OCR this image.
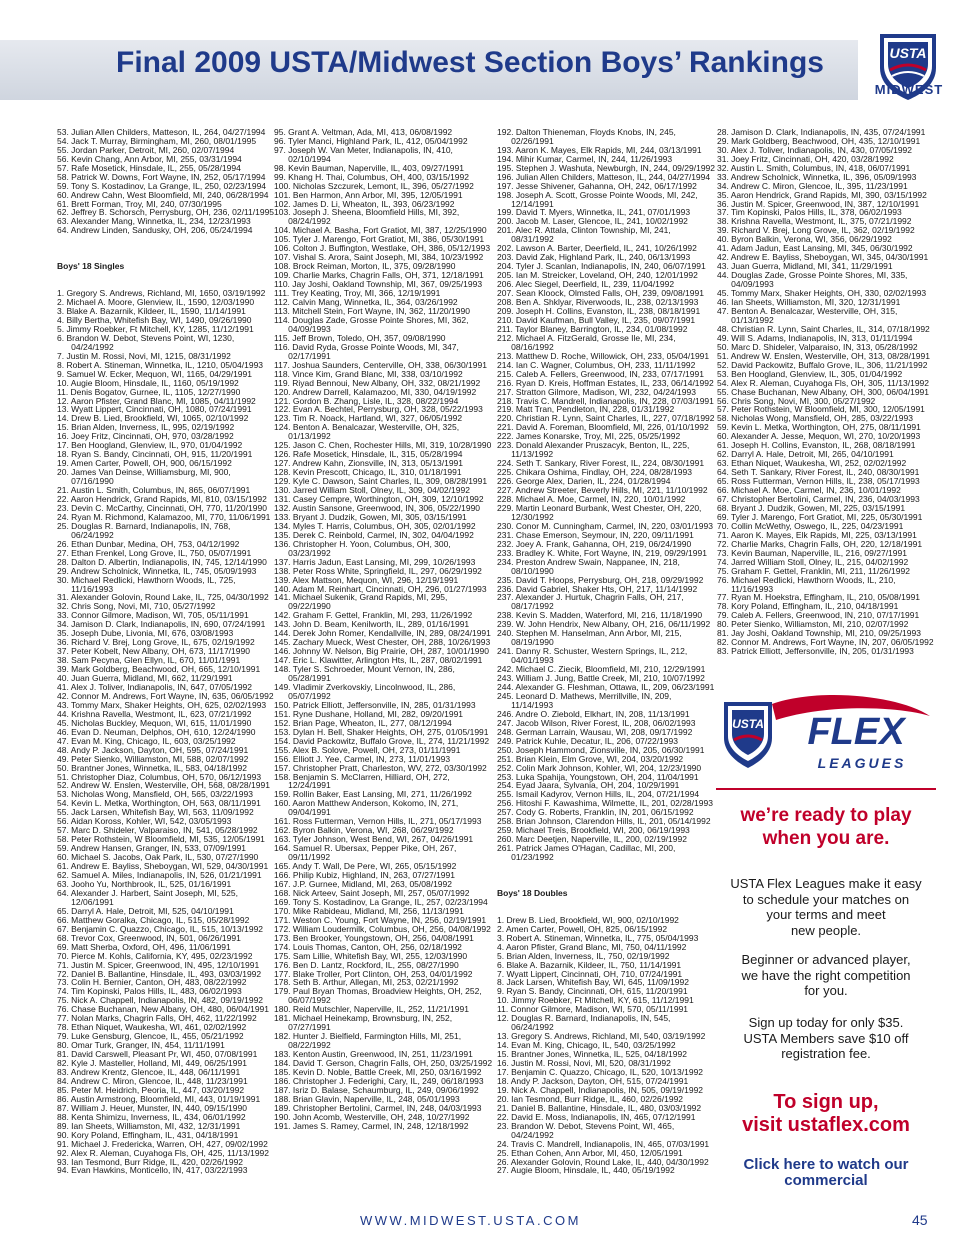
Final 2009 USTA/Midwest Section Boys’ Rankings	USTA
MIDWEST

53. Julian Allen Childers, Matteson, IL, 264, 04/27/1994
54. Jack T. Murray, Birmingham, MI, 260, 08/01/1995
55. Jordan Parker, Detroit, MI, 260, 02/07/1994
56. Kevin Chang, Ann Arbor, MI, 255, 03/31/1994
57. Rafe Mosetick, Hinsdale, IL, 255, 05/28/1994
58. Patrick W. Downs, Fort Wayne, IN, 252, 05/17/1994
59. Tony S. Kostadinov, La Grange, IL, 250, 02/23/1994
60. Andrew Cahn, West Bloomfield, MI, 240, 06/28/1994
61. Brett Forman, Troy, MI, 240, 07/30/1995
62. Jeffrey B. Schorsch, Perrysburg, OH, 236, 02/11/1995
63. Alexander Mang, Winnetka, IL, 234, 12/23/1993
64. Andrew Linden, Sandusky, OH, 206, 05/24/1994

Boys' 18 Singles

1. Gregory S. Andrews, Richland, MI, 1650, 03/19/1992
2. Michael A. Moore, Glenview, IL, 1590, 12/03/1990
3. Blake A. Bazarnik, Kildeer, IL, 1590, 11/14/1991
4. Billy Bertha, Whitefish Bay, WI, 1490, 09/26/1990
5. Jimmy Roebker, Ft Mitchell, KY, 1285, 11/12/1991
6. Brandon W. Debot, Stevens Point, WI, 1230,
04/24/1992
7. Justin M. Rossi, Novi, MI, 1215, 08/31/1992
8. Robert A. Stineman, Winnetka, IL, 1210, 05/04/1993
9. Samuel W. Ecker, Mequon, WI, 1165, 04/29/1991
10. Augie Bloom, Hinsdale, IL, 1160, 05/19/1992
11. Denis Bogatov, Gurnee, IL, 1105, 12/27/1990
12. Aaron Pfister, Grand Blanc, MI, 1085, 04/11/1992
13. Wyatt Lippert, Cincinnati, OH, 1080, 07/24/1991
14. Drew B. Lied, Brookfield, WI, 1065, 02/10/1992
15. Brian Alden, Inverness, IL, 995, 02/19/1992
16. Joey Fritz, Cincinnati, OH, 970, 03/28/1992
17. Ben Hoogland, Glenview, IL, 970, 01/04/1992
18. Ryan S. Bandy, Cincinnati, OH, 915, 11/20/1991
19. Amen Carter, Powell, OH, 900, 06/15/1992
20. James Van Deinse, Williamsburg, MI, 900,
07/16/1990
21. Austin L. Smith, Columbus, IN, 865, 06/07/1991
22. Aaron Hendrick, Grand Rapids, MI, 810, 03/15/1992
23. Devin C. McCarthy, Cincinnati, OH, 770, 11/20/1990
24. Ryan M. Richmond, Kalamazoo, MI, 770, 11/06/1991
25. Douglas R. Barnard, Indianapolis, IN, 768,
06/24/1992
26. Ethan Dunbar, Medina, OH, 753, 04/12/1992
27. Ethan Frenkel, Long Grove, IL, 750, 05/07/1991
28. Dalton D. Albertin, Indianapolis, IN, 745, 12/14/1990
29. Andrew Scholnick, Winnetka, IL, 745, 05/09/1993
30. Michael Redlicki, Hawthorn Woods, IL, 725,
11/16/1993
31. Alexander Golovin, Round Lake, IL, 725, 04/30/1992
32. Chris Song, Novi, MI, 710, 05/27/1992
33. Connor Gilmore, Madison, WI, 705, 05/11/1991
34. Jamison D. Clark, Indianapolis, IN, 690, 07/24/1991
35. Joseph Dube, Livonia, MI, 676, 03/08/1993
36. Richard V. Brej, Long Grove, IL, 675, 02/19/1992
37. Peter Kobelt, New Albany, OH, 673, 11/17/1990
38. Sam Pecyna, Glen Ellyn, IL, 670, 11/01/1991
39. Mark Goldberg, Beachwood, OH, 665, 12/10/1991
40. Juan Guerra, Midland, MI, 662, 11/29/1991
41. Alex J. Toliver, Indianapolis, IN, 647, 07/05/1992
42. Connor M. Andrews, Fort Wayne, IN, 635, 06/05/1992
43. Tommy Marx, Shaker Heights, OH, 625, 02/02/1993
44. Krishna Ravella, Westmont, IL, 623, 07/21/1992
45. Nicholas Buckley, Mequon, WI, 615, 11/01/1990
46. Evan D. Neuman, Delphos, OH, 610, 12/24/1990
47. Evan M. King, Chicago, IL, 603, 03/25/1992
48. Andy P. Jackson, Dayton, OH, 595, 07/24/1991
49. Peter Sienko, Williamston, MI, 588, 02/07/1992
50. Brantner Jones, Winnetka, IL, 583, 04/18/1992
51. Christopher Diaz, Columbus, OH, 570, 06/12/1993
52. Andrew W. Enslen, Westerville, OH, 568, 08/28/1991
53. Nicholas Wong, Mansfield, OH, 565, 03/22/1993
54. Kevin L. Metka, Worthington, OH, 563, 08/11/1991
55. Jack Larsen, Whitefish Bay, WI, 563, 11/09/1992
56. Aidan Koross, Kohler, WI, 542, 03/05/1993
57. Marc D. Shideler, Valparaiso, IN, 541, 05/28/1992
58. Peter Rothstein, W Bloomfield, MI, 535, 12/05/1991
59. Andrew Hansen, Granger, IN, 533, 07/09/1991
60. Michael S. Jacobs, Oak Park, IL, 530, 07/27/1990
61. Andrew E. Bayliss, Sheboygan, WI, 529, 04/30/1991
62. Samuel A. Miles, Indianapolis, IN, 526, 01/21/1991
63. Jooho Yu, Northbrook, IL, 525, 01/16/1991
64. Alexander J. Harbert, Saint Joseph, MI, 525,
12/06/1991
65. Darryl A. Hale, Detroit, MI, 525, 04/10/1991
66. Matthew Goralka, Chicago, IL, 515, 05/28/1992
67. Benjamin C. Quazzo, Chicago, IL, 515, 10/13/1992
68. Trevor Cox, Greenwood, IN, 501, 06/26/1991
69. Matt Sherba, Oxford, OH, 496, 11/06/1991
70. Pierce M. Kohls, California, KY, 495, 02/23/1992
71. Justin M. Spicer, Greenwood, IN, 495, 12/10/1991
72. Daniel B. Ballantine, Hinsdale, IL, 493, 03/03/1992
73. Colin H. Bernier, Canton, OH, 483, 08/22/1992
74. Tim Kopinski, Palos Hills, IL, 483, 06/02/1993
75. Nick A. Chappell, Indianapolis, IN, 482, 09/19/1992
76. Chase Buchanan, New Albany, OH, 480, 06/04/1991
77. Nolan Marks, Chagrin Falls, OH, 462, 11/22/1992
78. Ethan Niquet, Waukesha, WI, 461, 02/02/1992
79. Luke Gensburg, Glencoe, IL, 455, 05/21/1992
80. Omar Turk, Granger, IN, 454, 11/11/1991
81. David Carswell, Pleasant Pr, WI, 450, 07/08/1991
82. Kyle J. Masteller, Holland, MI, 449, 06/25/1991
83. Andrew Krentz, Glencoe, IL, 448, 06/11/1991
84. Andrew C. Miron, Glencoe, IL, 448, 11/23/1991
85. Peter M. Heidrich, Peoria, IL, 447, 03/20/1992
86. Austin Armstrong, Bloomfield, MI, 443, 01/19/1991
87. William J. Heuer, Munster, IN, 440, 09/15/1990
88. Kenta Shimizu, Inverness, IL, 434, 06/01/1992
89. Ian Sheets, Williamston, MI, 432, 12/31/1991
90. Kory Poland, Effingham, IL, 431, 04/18/1991
91. Michael J. Fredericka, Warren, OH, 427, 09/02/1992
92. Alex R. Aleman, Cuyahoga Fls, OH, 425, 11/13/1992
93. Ian Tesmond, Burr Ridge, IL, 420, 02/26/1992
94. Evan Hawkins, Monticello, IN, 417, 03/22/1993

95. Grant A. Veltman, Ada, MI, 413, 06/08/1992
96. Tyler Manci, Highland Park, IL, 412, 05/04/1992
97. Joseph W. Van Meter, Indianapolis, IN, 410,
02/10/1994
98. Kevin Bauman, Naperville, IL, 403, 09/27/1991
99. Khang H. Thai, Columbus, OH, 400, 03/15/1992
100. Nicholas Szczurek, Lemont, IL, 396, 05/27/1992
101. Ben Harmon, Ann Arbor, MI, 395, 12/05/1991
102. James D. Li, Wheaton, IL, 393, 06/23/1992
103. Joseph J. Sheena, Bloomfield Hills, MI, 392,
08/24/1992
104. Michael A. Basha, Fort Gratiot, MI, 387, 12/25/1990
105. Tyler J. Marengo, Fort Gratiot, MI, 386, 05/30/1991
106. Colton J. Buffington, Westlake, OH, 386, 05/12/1993
107. Vishal S. Arora, Saint Joseph, MI, 384, 10/23/1992
108. Brock Reiman, Morton, IL, 375, 09/28/1990
109. Charlie Marks, Chagrin Falls, OH, 371, 12/18/1991
110. Jay Joshi, Oakland Township, MI, 367, 09/25/1993
111. Trey Keating, Troy, MI, 366, 12/19/1991
112. Calvin Mang, Winnetka, IL, 364, 03/26/1992
113. Mitchell Stein, Fort Wayne, IN, 362, 11/20/1990
114. Douglas Zade, Grosse Pointe Shores, MI, 362,
04/09/1993
115. Jeff Brown, Toledo, OH, 357, 09/08/1990
116. David Ryda, Grosse Pointe Woods, MI, 347,
02/17/1991
117. Joshua Saunders, Centerville, OH, 338, 06/30/1991
118. Vince Kim, Grand Blanc, MI, 338, 03/10/1992
119. Riyad Bennoui, New Albany, OH, 332, 08/21/1992
120. Andrew Darrell, Kalamazoo, MI, 330, 04/19/1992
121. Gordon B. Zhang, Lisle, IL, 328, 08/22/1994
122. Evan A. Bechtel, Perrysburg, OH, 328, 05/22/1993
123. Tim R. Noack, Hartland, WI, 327, 06/05/1992
124. Benton A. Benalcazar, Westerville, OH, 325,
01/13/1992
125. Jason C. Chen, Rochester Hills, MI, 319, 10/28/1990
126. Rafe Mosetick, Hinsdale, IL, 315, 05/28/1994
127. Andrew Kahn, Zionsville, IN, 313, 05/13/1991
128. Kevin Prescott, Chicago, IL, 310, 01/18/1991
129. Kyle C. Dawson, Saint Charles, IL, 309, 08/28/1991
130. Jarred William Stoll, Olney, IL, 309, 04/02/1992
131. Casey Cempre, Worthington, OH, 309, 12/10/1992
132. Austin Sansone, Greenwood, IN, 306, 05/22/1990
133. Bryant J. Dudzik, Gowen, MI, 305, 03/15/1991
134. Myles T. Harris, Columbus, OH, 305, 02/01/1992
135. Derek C. Reinbold, Carmel, IN, 302, 04/04/1992
136. Christopher H. Yoon, Columbus, OH, 300,
03/23/1992
137. Harris Jadun, East Lansing, MI, 299, 10/26/1993
138. Peter Ross White, Springfield, IL, 297, 06/29/1992
139. Alex Mattson, Mequon, WI, 296, 12/19/1991
140. Adam M. Reinhart, Cincinnati, OH, 296, 01/27/1993
141. Michael Sukenik, Grand Rapids, MI, 295,
09/22/1990
142. Graham F. Gettel, Franklin, MI, 293, 11/26/1992
143. John D. Beam, Kenilworth, IL, 289, 01/16/1991
144. Derek John Romer, Kendallville, IN, 289, 08/24/1991
145. Zachary Mueck, West Chester, OH, 288, 10/26/1993
146. Johnny W. Nelson, Big Prairie, OH, 287, 10/01/1990
147. Eric L. Klawitter, Arlington Hts, IL, 287, 08/02/1991
148. Tyler S. Schroeder, Mount Vernon, IN, 286,
05/28/1991
149. Vladimir Zverkovskiy, Lincolnwood, IL, 286,
05/07/1992
150. Patrick Elliott, Jeffersonville, IN, 285, 01/31/1993
151. Ryne Dushane, Holland, MI, 282, 09/20/1991
152. Brian Page, Wheaton, IL, 277, 08/12/1994
153. Dylan H. Bell, Shaker Heights, OH, 275, 01/05/1991
154. David Packowitz, Buffalo Grove, IL, 274, 11/21/1992
155. Alex B. Solove, Powell, OH, 273, 01/11/1991
156. Elliott J. Yee, Carmel, IN, 273, 11/01/1993
157. Christopher Pratt, Charleston, WV, 272, 03/30/1992
158. Benjamin S. McClarren, Hilliard, OH, 272,
12/24/1991
159. Rollin Baker, East Lansing, MI, 271, 11/26/1992
160. Aaron Matthew Anderson, Kokomo, IN, 271,
09/04/1991
161. Ross Futterman, Vernon Hills, IL, 271, 05/17/1993
162. Byron Balkin, Verona, WI, 268, 06/29/1992
163. Tyler Johnson, West Bend, WI, 267, 04/26/1991
164. Samuel R. Ubersax, Pepper Pike, OH, 267,
09/11/1992
165. Andy T. Wall, De Pere, WI, 265, 05/15/1992
166. Philip Kubiz, Highland, IN, 263, 07/27/1991
167. J.P. Gurnee, Midland, MI, 263, 05/08/1992
168. Nick Arteev, Saint Joseph, MI, 257, 05/07/1992
169. Tony S. Kostadinov, La Grange, IL, 257, 02/23/1994
170. Mike Rabideau, Midland, MI, 256, 11/13/1991
171. Weston C. Young, Fort Wayne, IN, 256, 02/19/1991
172. William Loudermilk, Columbus, OH, 256, 04/08/1992
173. Ben Brooker, Youngstown, OH, 256, 04/08/1991
174. Louis Thomas, Canton, OH, 256, 02/18/1992
175. Sam Lillie, Whitefish Bay, WI, 255, 12/03/1990
176. Ben D. Lantz, Rockford, IL, 255, 08/27/1990
177. Blake Troller, Port Clinton, OH, 253, 04/01/1992
178. Seth B. Arthur, Allegan, MI, 253, 02/21/1992
179. Paul Bryan Thomas, Broadview Heights, OH, 252,
06/07/1992
180. Reid Mutschler, Naperville, IL, 252, 11/21/1991
181. Michael Heinekamp, Brownsburg, IN, 252,
07/27/1991
182. Hunter J. Bielfield, Farmington Hills, MI, 251,
08/22/1992
183. Kenton Austin, Greenwood, IN, 251, 11/23/1991
184. David T. Gerson, Chagrin Falls, OH, 250, 03/25/1992
185. Kevin D. Noble, Battle Creek, MI, 250, 03/16/1992
186. Christopher J. Federighi, Cary, IL, 249, 06/18/1993
187. Isriz D. Balase, Schaumburg, IL, 249, 09/06/1992
188. Brian Glavin, Naperville, IL, 248, 05/01/1993
189. Christopher Bertolini, Carmel, IN, 248, 04/03/1993
190. John Acomb, Westerville, OH, 248, 10/27/1992
191. James S. Ramey, Carmel, IN, 248, 12/18/1992

192. Dalton Thieneman, Floyds Knobs, IN, 245,
02/26/1991
193. Aaron K. Mayes, Elk Rapids, MI, 244, 03/13/1991
194. Mihir Kumar, Carmel, IN, 244, 11/26/1993
195. Stephen J. Washuta, Newburgh, IN, 244, 09/29/1992
196. Julian Allen Childers, Matteson, IL, 244, 04/27/1994
197. Jesse Shivener, Gahanna, OH, 242, 06/17/1992
198. Joseph A. Scott, Grosse Pointe Woods, MI, 242,
12/14/1991
199. David T. Myers, Winnetka, IL, 241, 07/01/1993
200. Jacob M. Laser, Glencoe, IL, 241, 10/02/1992
201. Alec R. Attala, Clinton Township, MI, 241,
08/31/1992
202. Lawson A. Barter, Deerfield, IL, 241, 10/26/1992
203. David Zak, Highland Park, IL, 240, 06/13/1993
204. Tyler J. Scanlan, Indianapolis, IN, 240, 06/07/1991
205. Ian M. Streicker, Loveland, OH, 240, 12/01/1992
206. Alec Siegel, Deerfield, IL, 239, 11/04/1992
207. Sean Kloock, Olmsted Falls, OH, 239, 09/08/1991
208. Ben A. Shklyar, Riverwoods, IL, 238, 02/13/1993
209. Joseph H. Collins, Evanston, IL, 238, 08/18/1991
210. David Kaufman, Bull Valley, IL, 235, 09/07/1991
211. Taylor Blaney, Barrington, IL, 234, 01/08/1992
212. Michael A. FitzGerald, Grosse Ile, MI, 234,
08/16/1992
213. Matthew D. Roche, Willowick, OH, 233, 05/04/1991
214. Ian C. Wagner, Columbus, OH, 233, 11/11/1992
215. Caleb A. Fellers, Greenwood, IN, 233, 07/17/1991
216. Ryan D. Kreis, Hoffman Estates, IL, 233, 06/14/1992
217. Stratton Gilmore, Madison, WI, 232, 04/24/1993
218. Travis C. Mandrell, Indianapolis, IN, 228, 07/03/1991
219. Matt Tran, Pendleton, IN, 228, 01/31/1992
220. Christian R. Lynn, Saint Charles, IL, 227, 07/18/1992
221. David A. Foreman, Bloomfield, MI, 226, 01/10/1992
222. James Konarske, Troy, MI, 225, 05/25/1992
223. Donald Alexander Pruszacyk, Benton, IL, 225,
11/13/1992
224. Seth T. Sankary, River Forest, IL, 224, 08/30/1991
225. Chikara Oshima, Findlay, OH, 224, 08/28/1993
226. George Alex, Darien, IL, 224, 01/28/1994
227. Andrew Streeter, Beverly Hills, MI, 221, 11/10/1992
228. Michael A. Moe, Carmel, IN, 220, 10/01/1992
229. Martin Leonard Burbank, West Chester, OH, 220,
12/30/1992
230. Conor M. Cunningham, Carmel, IN, 220, 03/01/1993
231. Chase Emerson, Seymour, IN, 220, 09/11/1991
232. Joey A. Frank, Gahanna, OH, 219, 06/24/1990
233. Bradley K. White, Fort Wayne, IN, 219, 09/29/1991
234. Preston Andrew Swain, Nappanee, IN, 218,
08/10/1990
235. David T. Hoops, Perrysburg, OH, 218, 09/29/1992
236. David Gabriel, Shaker Hts, OH, 217, 11/14/1992
237. Alexander J. Hurtuk, Chagrin Falls, OH, 217,
08/17/1992
238. Kevin S. Madden, Waterford, MI, 216, 11/18/1990
239. W. John Hendrix, New Albany, OH, 216, 06/11/1992
240. Stephen M. Hanselman, Ann Arbor, MI, 215,
08/19/1990
241. Danny R. Schuster, Western Springs, IL, 212,
04/01/1993
242. Michael C. Ziecik, Bloomfield, MI, 210, 12/29/1991
243. William J. Jung, Battle Creek, MI, 210, 10/07/1992
244. Alexander G. Fleshman, Ottawa, IL, 209, 06/23/1991
245. Leonard D. Mathews, Merrillville, IN, 209,
11/14/1993
246. Andre O. Ziebold, Elkhart, IN, 208, 11/13/1991
247. Jacob Wilson, River Forest, IL, 208, 06/02/1993
248. German Larrain, Wausau, WI, 208, 09/17/1992
249. Patrick Kuhle, Decatur, IL, 206, 07/22/1993
250. Joseph Hammond, Zionsville, IN, 205, 06/30/1991
251. Brian Klein, Elm Grove, WI, 204, 03/20/1992
252. Colin Mark Johnson, Kohler, WI, 204, 12/23/1990
253. Luka Spahija, Youngstown, OH, 204, 11/04/1991
254. Eyad Jaara, Sylvania, OH, 204, 10/29/1991
255. Ismail Kadyrov, Vernon Hills, IL, 204, 07/21/1994
256. Hitoshi F. Kawashima, Wilmette, IL, 201, 02/28/1993
257. Cody G. Roberts, Franklin, IN, 201, 06/15/1992
258. Brian Johnson, Clarendon Hills, IL, 201, 05/14/1992
259. Michael Treis, Brookfield, WI, 200, 06/19/1993
260. Marc Deetjen, Naperville, IL, 200, 02/19/1992
261. Patrick James O'Hagan, Cadillac, MI, 200,
01/23/1992

Boys' 18 Doubles

1. Drew B. Lied, Brookfield, WI, 900, 02/10/1992
2. Amen Carter, Powell, OH, 825, 06/15/1992
3. Robert A. Stineman, Winnetka, IL, 775, 05/04/1993
4. Aaron Pfister, Grand Blanc, MI, 750, 04/11/1992
5. Brian Alden, Inverness, IL, 750, 02/19/1992
6. Blake A. Bazarnik, Kildeer, IL, 750, 11/14/1991
7. Wyatt Lippert, Cincinnati, OH, 710, 07/24/1991
8. Jack Larsen, Whitefish Bay, WI, 645, 11/09/1992
9. Ryan S. Bandy, Cincinnati, OH, 615, 11/20/1991
10. Jimmy Roebker, Ft Mitchell, KY, 615, 11/12/1991
11. Connor Gilmore, Madison, WI, 570, 05/11/1991
12. Douglas R. Barnard, Indianapolis, IN, 545,
06/24/1992
13. Gregory S. Andrews, Richland, MI, 540, 03/19/1992
14. Evan M. King, Chicago, IL, 540, 03/25/1992
15. Brantner Jones, Winnetka, IL, 525, 04/18/1992
16. Justin M. Rossi, Novi, MI, 520, 08/31/1992
17. Benjamin C. Quazzo, Chicago, IL, 520, 10/13/1992
18. Andy P. Jackson, Dayton, OH, 515, 07/24/1991
19. Nick A. Chappell, Indianapolis, IN, 505, 09/19/1992
20. Ian Tesmond, Burr Ridge, IL, 460, 02/26/1992
21. Daniel B. Ballantine, Hinsdale, IL, 480, 03/03/1992
22. David E. Moss, Indianapolis, IN, 465, 07/12/1991
23. Brandon W. Debot, Stevens Point, WI, 465,
04/24/1992
24. Travis C. Mandrell, Indianapolis, IN, 465, 07/03/1991
25. Ethan Cohen, Ann Arbor, MI, 450, 12/05/1991
26. Alexander Golovin, Round Lake, IL, 440, 04/30/1992
27. Augie Bloom, Hinsdale, IL, 440, 05/19/1992

28. Jamison D. Clark, Indianapolis, IN, 435, 07/24/1991
29. Mark Goldberg, Beachwood, OH, 435, 12/10/1991
30. Alex J. Toliver, Indianapolis, IN, 430, 07/05/1992
31. Joey Fritz, Cincinnati, OH, 420, 03/28/1992
32. Austin L. Smith, Columbus, IN, 418, 06/07/1991
33. Andrew Scholnick, Winnetka, IL, 396, 05/09/1993
34. Andrew C. Miron, Glencoe, IL, 395, 11/23/1991
35. Aaron Hendrick, Grand Rapids, MI, 390, 03/15/1992
36. Justin M. Spicer, Greenwood, IN, 387, 12/10/1991
37. Tim Kopinski, Palos Hills, IL, 378, 06/02/1993
38. Krishna Ravella, Westmont, IL, 375, 07/21/1992
39. Richard V. Brej, Long Grove, IL, 362, 02/19/1992
40. Byron Balkin, Verona, WI, 356, 06/29/1992
41. Adam Jadun, East Lansing, MI, 345, 06/30/1992
42. Andrew E. Bayliss, Sheboygan, WI, 345, 04/30/1991
43. Juan Guerra, Midland, MI, 341, 11/29/1991
44. Douglas Zade, Grosse Pointe Shores, MI, 335,
04/09/1993
45. Tommy Marx, Shaker Heights, OH, 330, 02/02/1993
46. Ian Sheets, Williamston, MI, 320, 12/31/1991
47. Benton A. Benalcazar, Westerville, OH, 315,
01/13/1992
48. Christian R. Lynn, Saint Charles, IL, 314, 07/18/1992
49. Will S. Adams, Indianapolis, IN, 313, 01/11/1994
50. Marc D. Shideler, Valparaiso, IN, 313, 05/28/1992
51. Andrew W. Enslen, Westerville, OH, 313, 08/28/1991
52. David Packowitz, Buffalo Grove, IL, 306, 11/21/1992
53. Ben Hoogland, Glenview, IL, 305, 01/04/1992
54. Alex R. Aleman, Cuyahoga Fls, OH, 305, 11/13/1992
55. Chase Buchanan, New Albany, OH, 300, 06/04/1991
56. Chris Song, Novi, MI, 300, 05/27/1992
57. Peter Rothstein, W Bloomfield, MI, 300, 12/05/1991
58. Nicholas Wong, Mansfield, OH, 285, 03/22/1993
59. Kevin L. Metka, Worthington, OH, 275, 08/11/1991
60. Alexander A. Jesse, Mequon, WI, 270, 10/20/1993
61. Joseph H. Collins, Evanston, IL, 268, 08/18/1991
62. Darryl A. Hale, Detroit, MI, 265, 04/10/1991
63. Ethan Niquet, Waukesha, WI, 252, 02/02/1992
64. Seth T. Sankary, River Forest, IL, 240, 08/30/1991
65. Ross Futterman, Vernon Hills, IL, 238, 05/17/1993
66. Michael A. Moe, Carmel, IN, 236, 10/01/1992
67. Christopher Bertolini, Carmel, IN, 236, 04/03/1993
68. Bryant J. Dudzik, Gowen, MI, 225, 03/15/1991
69. Tyler J. Marengo, Fort Gratiot, MI, 225, 05/30/1991
70. Collin McWethy, Oswego, IL, 225, 04/23/1991
71. Aaron K. Mayes, Elk Rapids, MI, 225, 03/13/1991
72. Charlie Marks, Chagrin Falls, OH, 220, 12/18/1991
73. Kevin Bauman, Naperville, IL, 216, 09/27/1991
74. Jarred William Stoll, Olney, IL, 215, 04/02/1992
75. Graham F. Gettel, Franklin, MI, 211, 11/26/1992
76. Michael Redlicki, Hawthorn Woods, IL, 210,
11/16/1993
77. Ryan M. Hoekstra, Effingham, IL, 210, 05/08/1991
78. Kory Poland, Effingham, IL, 210, 04/18/1991
79. Caleb A. Fellers, Greenwood, IN, 210, 07/17/1991
80. Peter Sienko, Williamston, MI, 210, 02/07/1992
81. Jay Joshi, Oakland Township, MI, 210, 09/25/1993
82. Connor M. Andrews, Fort Wayne, IN, 207, 06/05/1992
83. Patrick Elliott, Jeffersonville, IN, 205, 01/31/1993

USTA FLEX
LEAGUES
we’re ready to play
when you are.
USTA Flex Leagues make it easy
to schedule your matches on
your terms and meet
new people.
Beginner or advanced player,
we have the right competition
for you.
Sign up today for only $35.
USTA Members save $10 off
registration fee.
To sign up,
visit ustaflex.com
Click here to watch our
commercial
WWW.MIDWEST.USTA.COM	45
